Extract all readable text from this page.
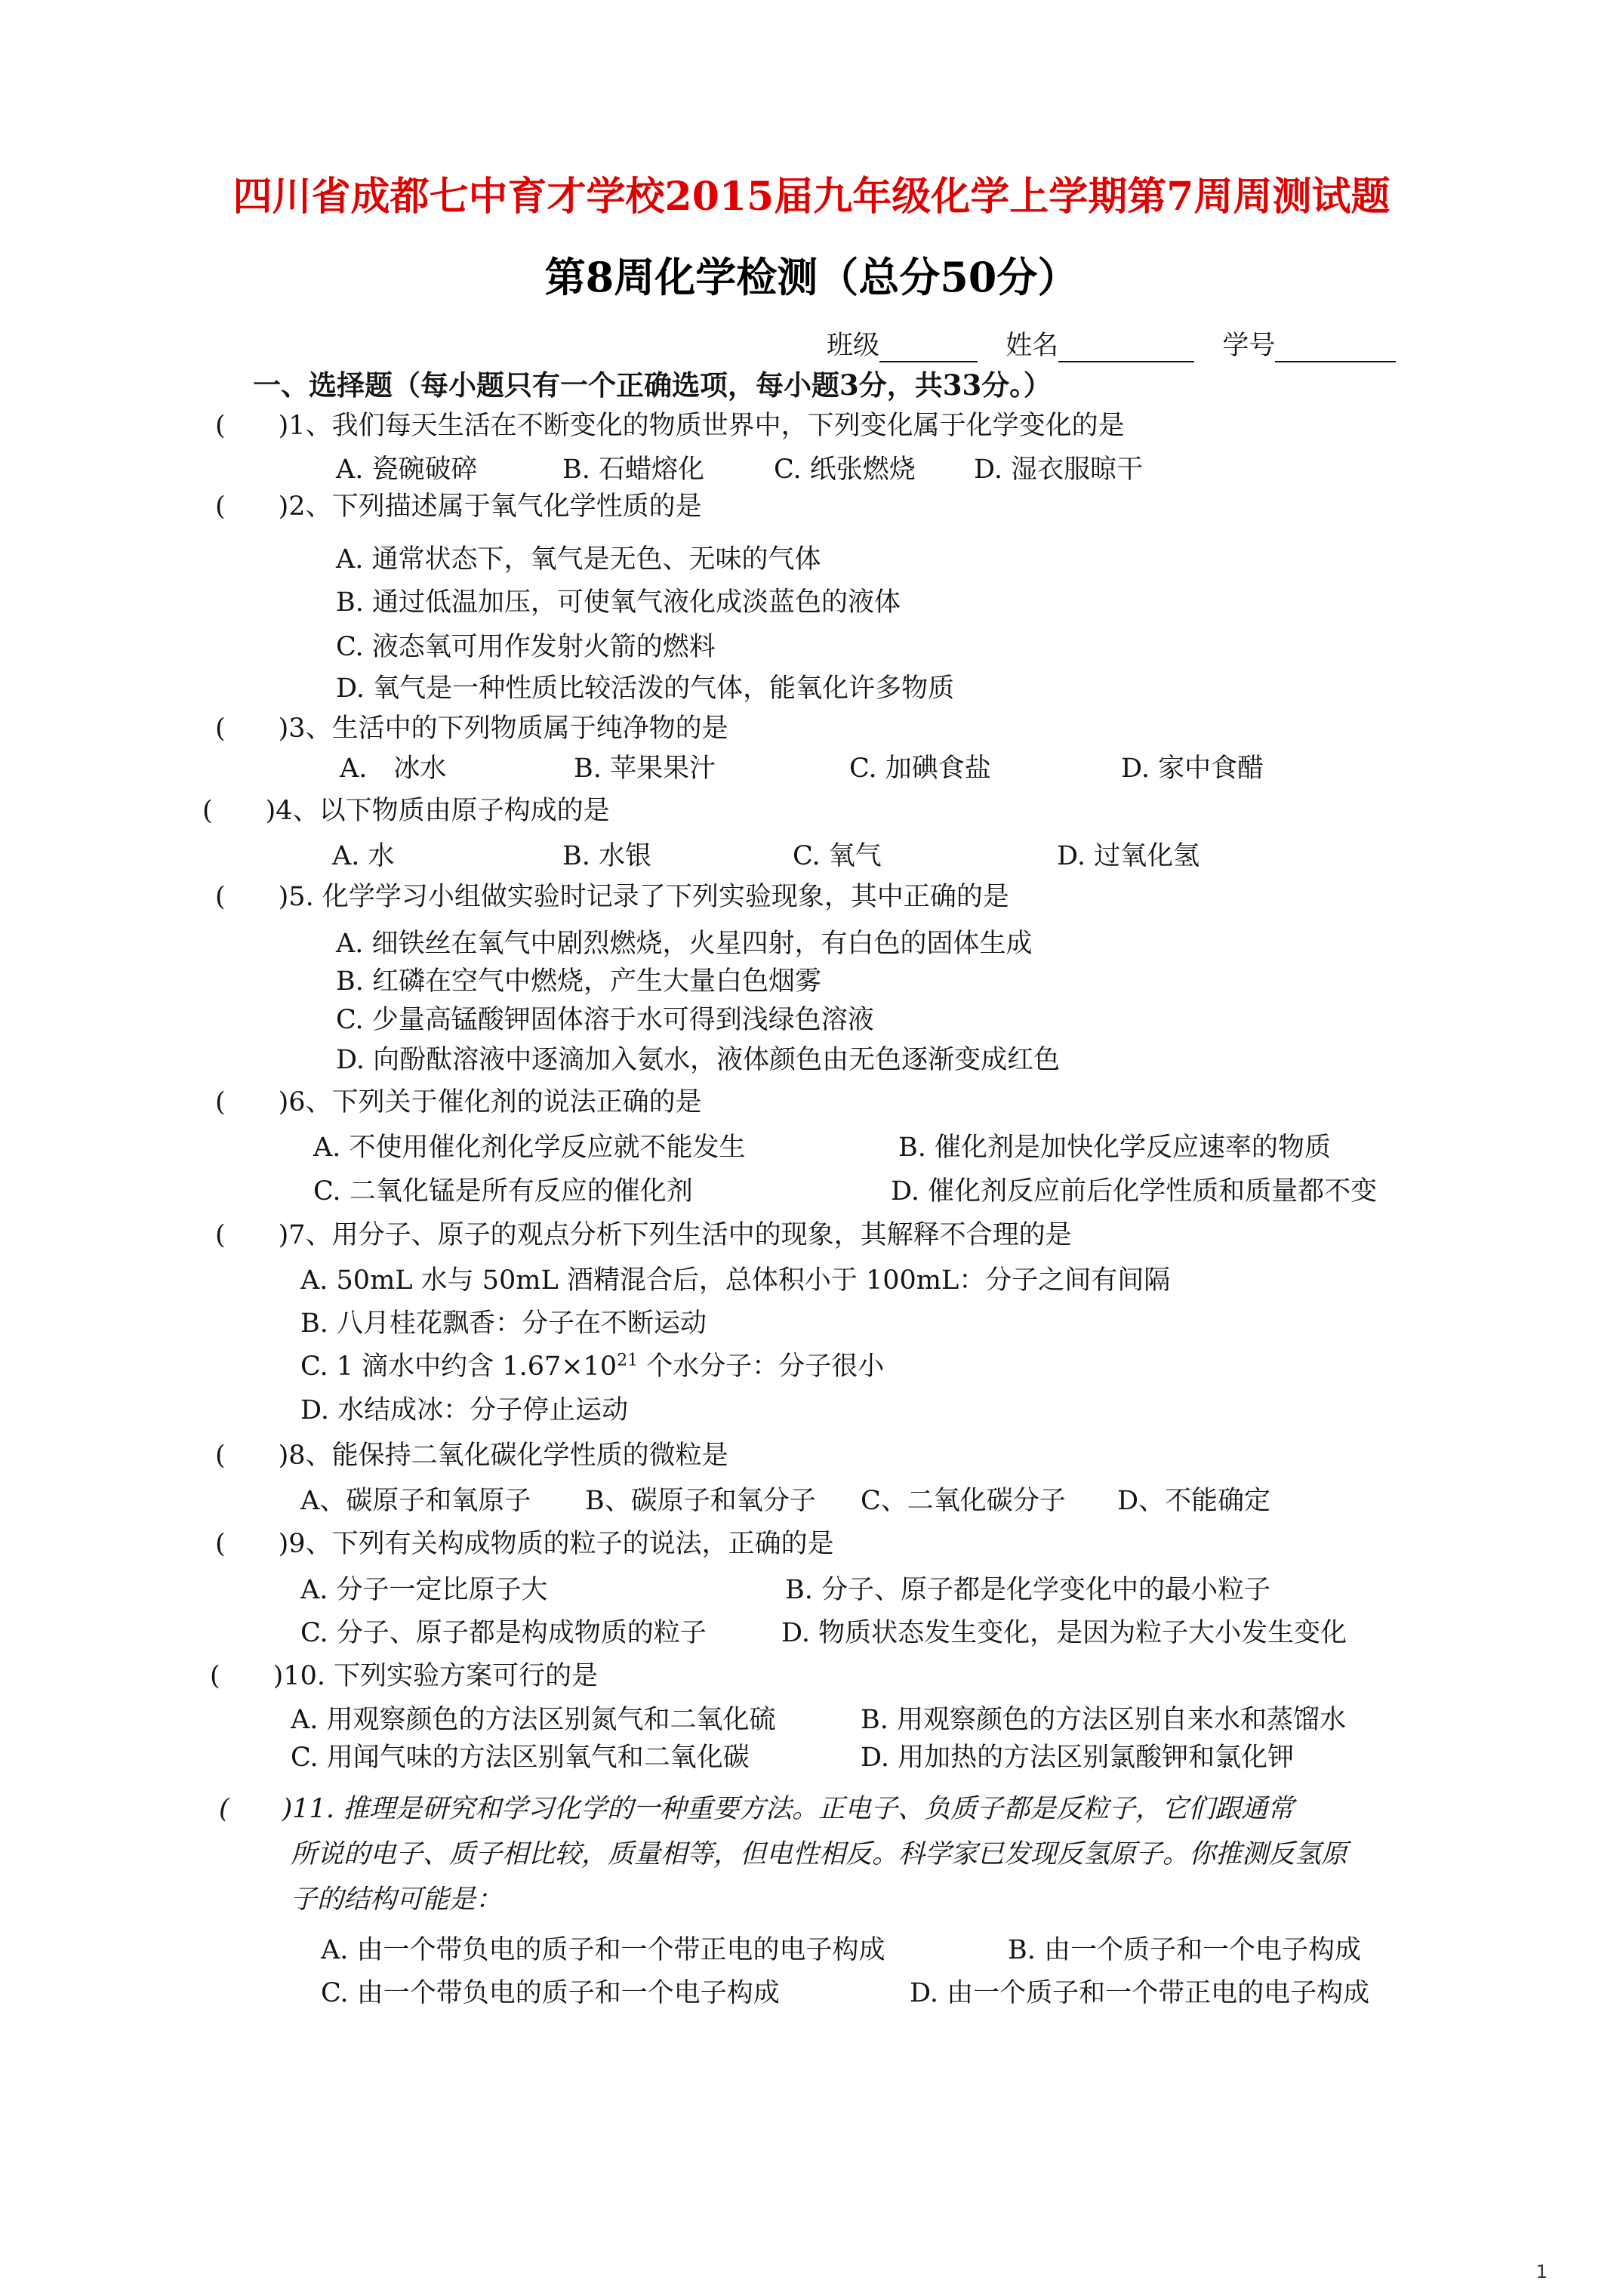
四川省成都七中育才学校2015届九年级化学上学期第7周周测试题
第8周化学检测（总分50分）
班级	姓名	学号
一、选择题（每小题只有一个正确选项，每小题3分，共33分。）
(　　)1、我们每天生活在不断变化的物质世界中，下列变化属于化学变化的是
A. 瓷碗破碎	B. 石蜡熔化	C. 纸张燃烧 D. 湿衣服晾干
(　　)2、下列描述属于氧气化学性质的是
A. 通常状态下，氧气是无色、无味的气体
B. 通过低温加压，可使氧气液化成淡蓝色的液体
C. 液态氧可用作发射火箭的燃料
D. 氧气是一种性质比较活泼的气体，能氧化许多物质
(　　)3、生活中的下列物质属于纯净物的是
A.　冰水	B. 苹果果汁	C. 加碘食盐	D. 家中食醋
(　　)4、以下物质由原子构成的是
A. 水	B. 水银	C. 氧气	D. 过氧化氢
(　　)5. 化学学习小组做实验时记录了下列实验现象，其中正确的是
A. 细铁丝在氧气中剧烈燃烧，火星四射，有白色的固体生成
B. 红磷在空气中燃烧，产生大量白色烟雾
C. 少量高锰酸钾固体溶于水可得到浅绿色溶液
D. 向酚酞溶液中逐滴加入氨水，液体颜色由无色逐渐变成红色
(　　)6、下列关于催化剂的说法正确的是
A. 不使用催化剂化学反应就不能发生	B. 催化剂是加快化学反应速率的物质
C. 二氧化锰是所有反应的催化剂	D. 催化剂反应前后化学性质和质量都不变
(　　)7、用分子、原子的观点分析下列生活中的现象，其解释不合理的是
A. 50mL 水与 50mL 酒精混合后，总体积小于 100mL：分子之间有间隔
B. 八月桂花飘香：分子在不断运动
C. 1 滴水中约含 $1.67\times 10^{21}$ 个水分子：分子很小
D. 水结成冰：分子停止运动
(　　)8、能保持二氧化碳化学性质的微粒是
A、碳原子和氧原子 B、碳原子和氧分子 C、二氧化碳分子 D、不能确定
(　　)9、下列有关构成物质的粒子的说法，正确的是
A. 分子一定比原子大	B. 分子、原子都是化学变化中的最小粒子
C. 分子、原子都是构成物质的粒子	D. 物质状态发生变化，是因为粒子大小发生变化
(　　)10. 下列实验方案可行的是
A. 用观察颜色的方法区别氮气和二氧化硫	B. 用观察颜色的方法区别自来水和蒸馏水
C. 用闻气味的方法区别氧气和二氧化碳	D. 用加热的方法区别氯酸钾和氯化钾
(　　)11. 推理是研究和学习化学的一种重要方法。正电子、负质子都是反粒子，它们跟通常
所说的电子、质子相比较，质量相等，但电性相反。科学家已发现反氢原子。你推测反氢原
子的结构可能是：
A. 由一个带负电的质子和一个带正电的电子构成	B. 由一个质子和一个电子构成
C. 由一个带负电的质子和一个电子构成	D. 由一个质子和一个带正电的电子构成
1
